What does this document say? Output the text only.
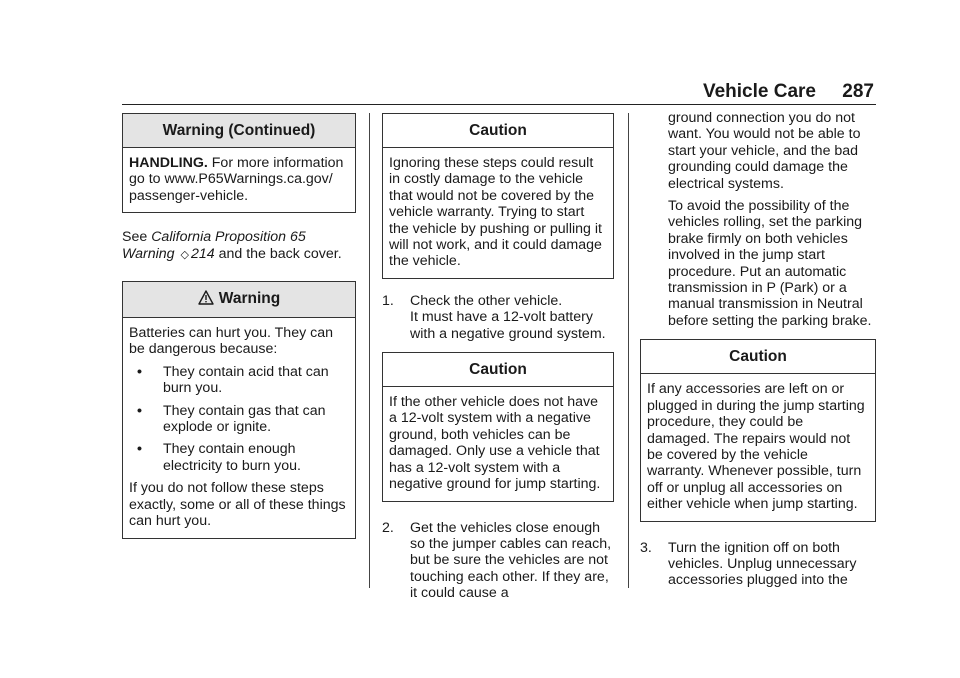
Vehicle Care 287
Warning (Continued)

HANDLING. For more information go to www.P65Warnings.ca.gov/ passenger-vehicle.

See California Proposition 65 Warning ◇ 214 and the back cover.

Warning

Batteries can hurt you. They can be dangerous because:

•	They contain acid that can burn you.
•	They contain gas that can explode or ignite.
•	They contain enough electricity to burn you.

If you do not follow these steps exactly, some or all of these things can hurt you.

Caution

Ignoring these steps could result in costly damage to the vehicle that would not be covered by the vehicle warranty. Trying to start the vehicle by pushing or pulling it will not work, and it could damage the vehicle.

1.	Check the other vehicle.
It must have a 12-volt battery with a negative ground system.
Caution

If the other vehicle does not have a 12-volt system with a negative ground, both vehicles can be damaged. Only use a vehicle that has a 12-volt system with a negative ground for jump starting.

2.	Get the vehicles close enough so the jumper cables can reach, but be sure the vehicles are not touching each other. If they are, it could cause a
ground connection you do not want. You would not be able to start your vehicle, and the bad grounding could damage the electrical systems.
To avoid the possibility of the vehicles rolling, set the parking brake firmly on both vehicles involved in the jump start procedure. Put an automatic transmission in P (Park) or a manual transmission in Neutral before setting the parking brake.
Caution

If any accessories are left on or plugged in during the jump starting procedure, they could be damaged. The repairs would not be covered by the vehicle warranty. Whenever possible, turn off or unplug all accessories on either vehicle when jump starting.

3.	Turn the ignition off on both vehicles. Unplug unnecessary accessories plugged into the
